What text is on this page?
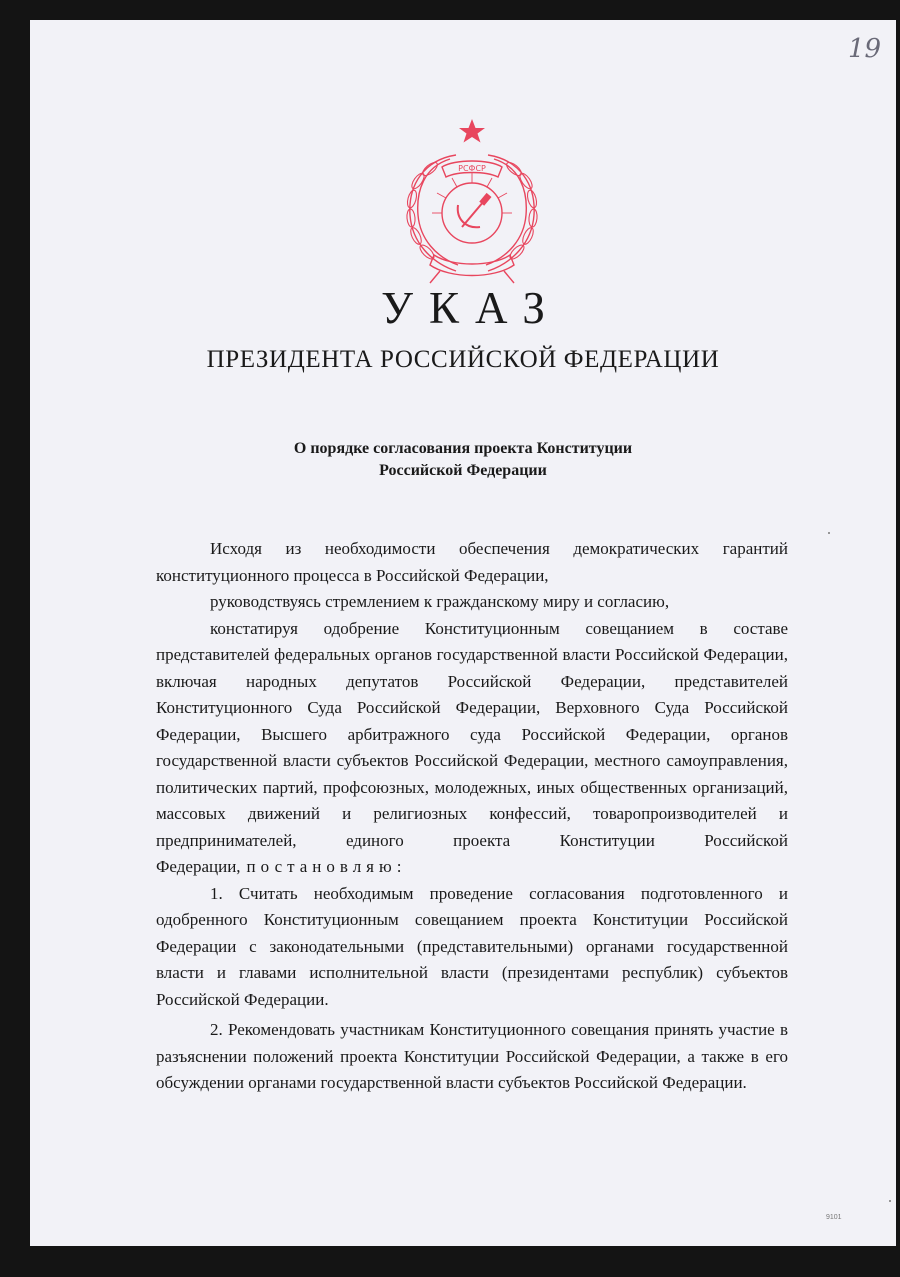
19
РСФСР
УКАЗ
ПРЕЗИДЕНТА РОССИЙСКОЙ ФЕДЕРАЦИИ
О порядке согласования проекта Конституции
Российской Федерации

Исходя из необходимости обеспечения демократических гарантий конституционного процесса в Российской Федерации,

руководствуясь стремлением к гражданскому миру и согласию,

констатируя одобрение Конституционным совещанием в составе представителей федеральных органов государственной власти Российской Федерации, включая народных депутатов Российской Федерации, представителей Конституционного Суда Российской Федерации, Верховного Суда Российской Федерации, Высшего арбитражного суда Российской Федерации, органов государственной власти субъектов Российской Федерации, местного самоуправления, политических партий, профсоюзных, молодежных, иных общественных организаций, массовых движений и религиозных конфессий, товаропроизводителей и предпринимателей, единого проекта Конституции Российской Федерации, постановляю:

1. Считать необходимым проведение согласования подготовленного и одобренного Конституционным совещанием проекта Конституции Российской Федерации с законодательными (представительными) органами государственной власти и главами исполнительной власти (президентами республик) субъектов Российской Федерации.

2. Рекомендовать участникам Конституционного совещания принять участие в разъяснении положений проекта Конституции Российской Федерации, а также в его обсуждении органами государственной власти субъектов Российской Федерации.

9101
